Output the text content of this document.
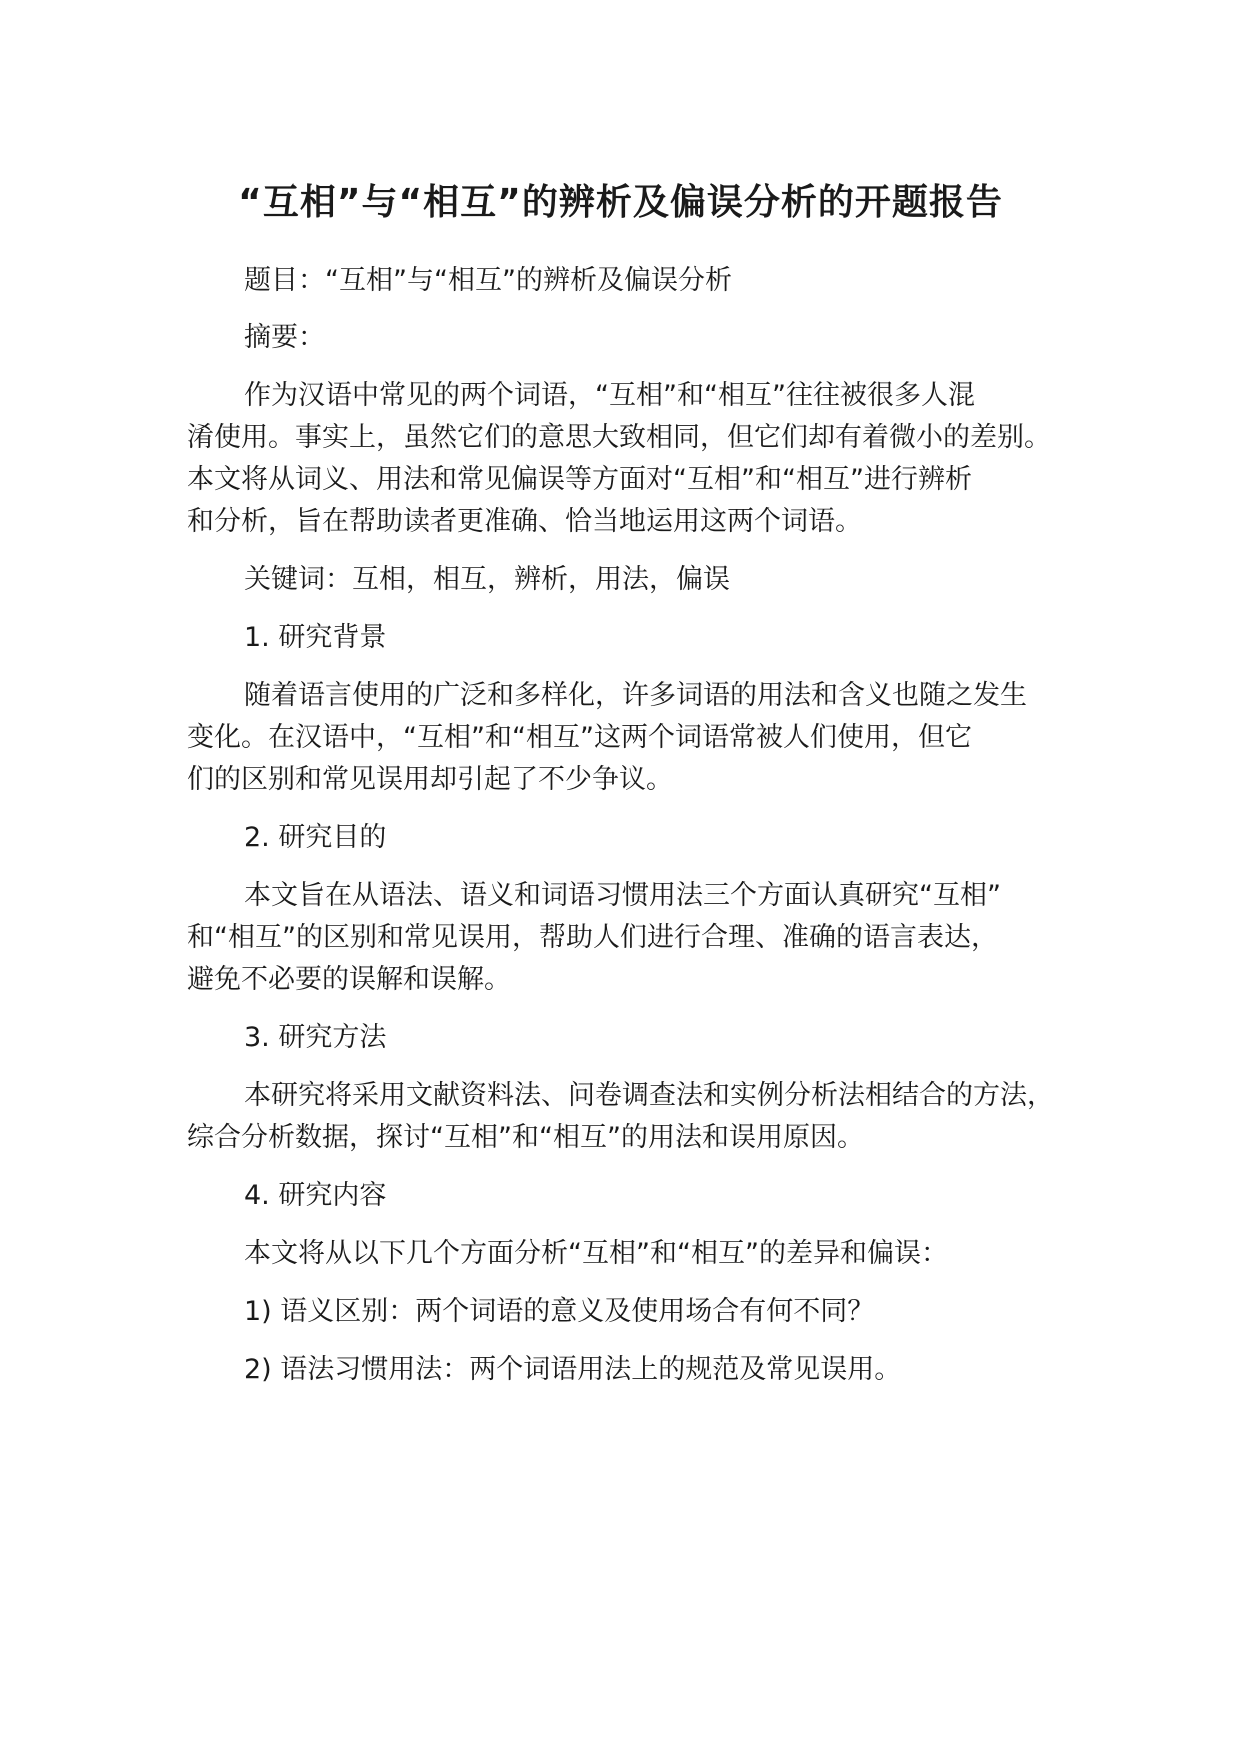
“互相”与“相互”的辨析及偏误分析的开题报告
题目：“互相”与“相互”的辨析及偏误分析
摘要：
作为汉语中常见的两个词语，“互相”和“相互”往往被很多人混
淆使用。事实上，虽然它们的意思大致相同，但它们却有着微小的差别。
本文将从词义、用法和常见偏误等方面对“互相”和“相互”进行辨析
和分析，旨在帮助读者更准确、恰当地运用这两个词语。
关键词：互相，相互，辨析，用法，偏误
1. 研究背景
随着语言使用的广泛和多样化，许多词语的用法和含义也随之发生
变化。在汉语中，“互相”和“相互”这两个词语常被人们使用，但它
们的区别和常见误用却引起了不少争议。
2. 研究目的
本文旨在从语法、语义和词语习惯用法三个方面认真研究“互相”
和“相互”的区别和常见误用，帮助人们进行合理、准确的语言表达，
避免不必要的误解和误解。
3. 研究方法
本研究将采用文献资料法、问卷调查法和实例分析法相结合的方法，
综合分析数据，探讨“互相”和“相互”的用法和误用原因。
4. 研究内容
本文将从以下几个方面分析“互相”和“相互”的差异和偏误：
1) 语义区别：两个词语的意义及使用场合有何不同？
2) 语法习惯用法：两个词语用法上的规范及常见误用。
